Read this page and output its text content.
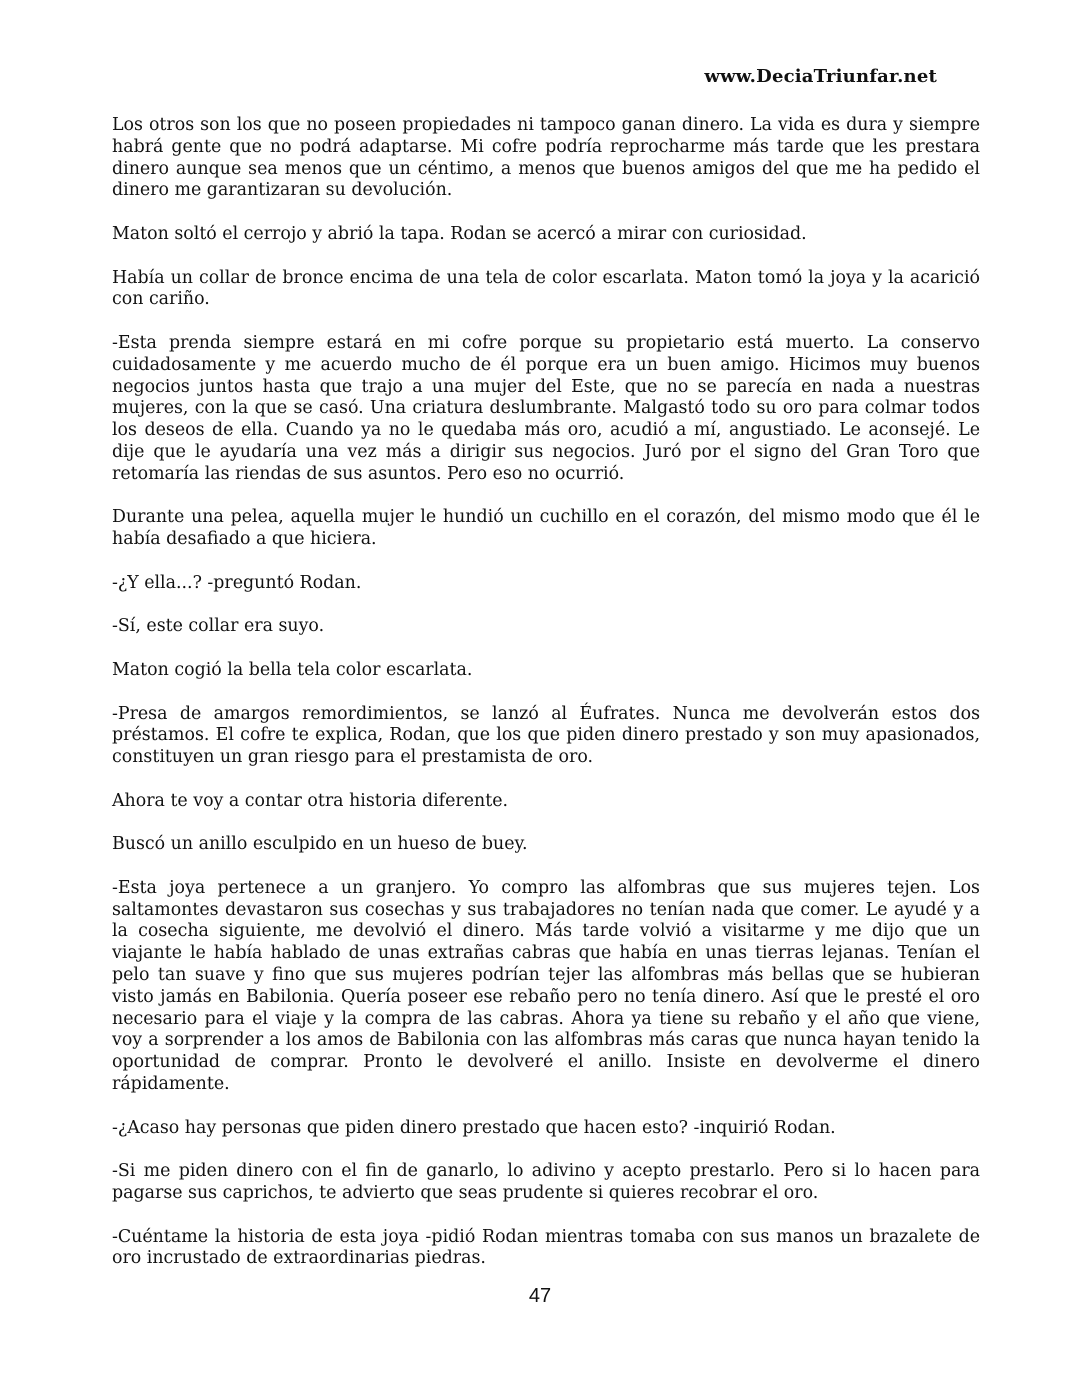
www.DeciaTriunfar.net

Los otros son los que no poseen propiedades ni tampoco ganan dinero. La vida es dura y siempre habrá gente que no podrá adaptarse. Mi cofre podría reprocharme más tarde que les prestara dinero aunque sea menos que un céntimo, a menos que buenos amigos del que me ha pedido el dinero me garantizaran su devolución.

Maton soltó el cerrojo y abrió la tapa. Rodan se acercó a mirar con curiosidad.

Había un collar de bronce encima de una tela de color escarlata. Maton tomó la joya y la acarició con cariño.

-Esta prenda siempre estará en mi cofre porque su propietario está muerto. La conservo cuidadosamente y me acuerdo mucho de él porque era un buen amigo. Hicimos muy buenos negocios juntos hasta que trajo a una mujer del Este, que no se parecía en nada a nuestras mujeres, con la que se casó. Una criatura deslumbrante. Malgastó todo su oro para colmar todos los deseos de ella. Cuando ya no le quedaba más oro, acudió a mí, angustiado. Le aconsejé. Le dije que le ayudaría una vez más a dirigir sus negocios. Juró por el signo del Gran Toro que retomaría las riendas de sus asuntos. Pero eso no ocurrió.

Durante una pelea, aquella mujer le hundió un cuchillo en el corazón, del mismo modo que él le había desafiado a que hiciera.

-¿Y ella...? -preguntó Rodan.

-Sí, este collar era suyo.

Maton cogió la bella tela color escarlata.

-Presa de amargos remordimientos, se lanzó al Éufrates. Nunca me devolverán estos dos préstamos. El cofre te explica, Rodan, que los que piden dinero prestado y son muy apasionados, constituyen un gran riesgo para el prestamista de oro.

Ahora te voy a contar otra historia diferente.

Buscó un anillo esculpido en un hueso de buey.

-Esta joya pertenece a un granjero. Yo compro las alfombras que sus mujeres tejen. Los saltamontes devastaron sus cosechas y sus trabajadores no tenían nada que comer. Le ayudé y a la cosecha siguiente, me devolvió el dinero. Más tarde volvió a visitarme y me dijo que un viajante le había hablado de unas extrañas cabras que había en unas tierras lejanas. Tenían el pelo tan suave y fino que sus mujeres podrían tejer las alfombras más bellas que se hubieran visto jamás en Babilonia. Quería poseer ese rebaño pero no tenía dinero. Así que le presté el oro necesario para el viaje y la compra de las cabras. Ahora ya tiene su rebaño y el año que viene, voy a sorprender a los amos de Babilonia con las alfombras más caras que nunca hayan tenido la oportunidad de comprar. Pronto le devolveré el anillo. Insiste en devolverme el dinero rápidamente.

-¿Acaso hay personas que piden dinero prestado que hacen esto? -inquirió Rodan.

-Si me piden dinero con el fin de ganarlo, lo adivino y acepto prestarlo. Pero si lo hacen para pagarse sus caprichos, te advierto que seas prudente si quieres recobrar el oro.

-Cuéntame la historia de esta joya -pidió Rodan mientras tomaba con sus manos un brazalete de oro incrustado de extraordinarias piedras.

47
